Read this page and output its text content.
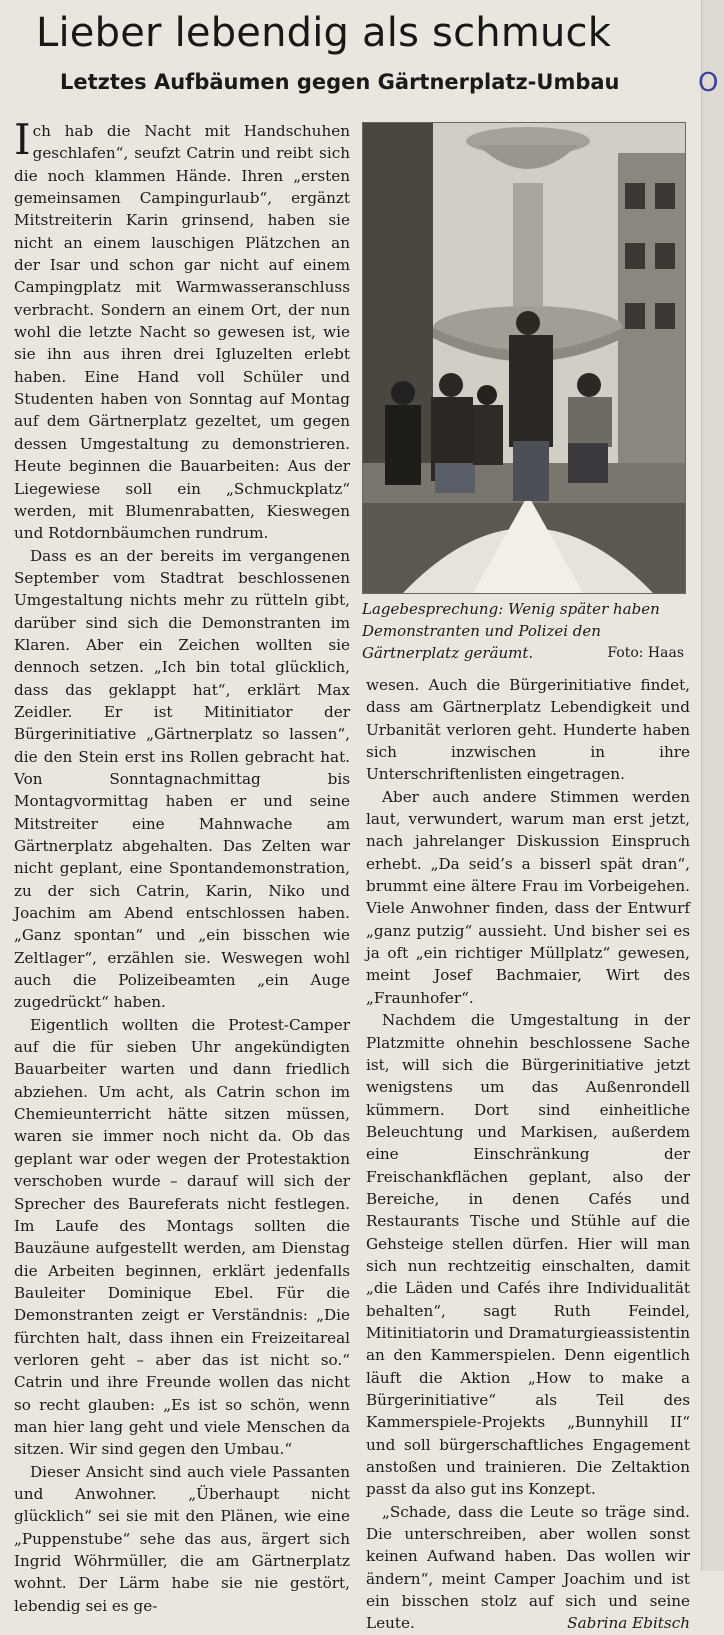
Lieber lebendig als schmuck
Letztes Aufbäumen gegen Gärtnerplatz-Umbau	O

Ich hab die Nacht mit Handschuhen geschlafen“, seufzt Catrin und reibt sich die noch klammen Hände. Ihren „ersten gemeinsamen Campingurlaub“, ergänzt Mitstreiterin Karin grinsend, haben sie nicht an einem lauschigen Plätzchen an der Isar und schon gar nicht auf einem Campingplatz mit Warmwasseranschluss verbracht. Sondern an einem Ort, der nun wohl die letzte Nacht so gewesen ist, wie sie ihn aus ihren drei Igluzelten erlebt haben. Eine Hand voll Schüler und Studenten haben von Sonntag auf Montag auf dem Gärtnerplatz gezeltet, um gegen dessen Umgestaltung zu demonstrieren. Heute beginnen die Bauarbeiten: Aus der Liegewiese soll ein „Schmuckplatz“ werden, mit Blumenrabatten, Kieswegen und Rotdornbäumchen rundrum.

Dass es an der bereits im vergangenen September vom Stadtrat beschlossenen Umgestaltung nichts mehr zu rütteln gibt, darüber sind sich die Demonstranten im Klaren. Aber ein Zeichen wollten sie dennoch setzen. „Ich bin total glücklich, dass das geklappt hat“, erklärt Max Zeidler. Er ist Mitinitiator der Bürgerinitiative „Gärtnerplatz so lassen“, die den Stein erst ins Rollen gebracht hat. Von Sonntagnachmittag bis Montagvormittag haben er und seine Mitstreiter eine Mahnwache am Gärtnerplatz abgehalten. Das Zelten war nicht geplant, eine Spontandemonstration, zu der sich Catrin, Karin, Niko und Joachim am Abend entschlossen haben. „Ganz spontan“ und „ein bisschen wie Zeltlager“, erzählen sie. Weswegen wohl auch die Polizeibeamten „ein Auge zugedrückt“ haben.

Eigentlich wollten die Protest-Camper auf die für sieben Uhr angekündigten Bauarbeiter warten und dann friedlich abziehen. Um acht, als Catrin schon im Chemieunterricht hätte sitzen müssen, waren sie immer noch nicht da. Ob das geplant war oder wegen der Protestaktion verschoben wurde – darauf will sich der Sprecher des Baureferats nicht festlegen. Im Laufe des Montags sollten die Bauzäune aufgestellt werden, am Dienstag die Arbeiten beginnen, erklärt jedenfalls Bauleiter Dominique Ebel. Für die Demonstranten zeigt er Verständnis: „Die fürchten halt, dass ihnen ein Freizeitareal verloren geht – aber das ist nicht so.“ Catrin und ihre Freunde wollen das nicht so recht glauben: „Es ist so schön, wenn man hier lang geht und viele Menschen da sitzen. Wir sind gegen den Umbau.“

Dieser Ansicht sind auch viele Passanten und Anwohner. „Überhaupt nicht glücklich“ sei sie mit den Plänen, wie eine „Puppenstube“ sehe das aus, ärgert sich Ingrid Wöhrmüller, die am Gärtnerplatz wohnt. Der Lärm habe sie nie gestört, lebendig sei es ge-

Lagebesprechung: Wenig später haben Demonstranten und Polizei den Gärtnerplatz geräumt.	Foto: Haas

wesen. Auch die Bürgerinitiative findet, dass am Gärtnerplatz Lebendigkeit und Urbanität verloren geht. Hunderte haben sich inzwischen in ihre Unterschriftenlisten eingetragen.

Aber auch andere Stimmen werden laut, verwundert, warum man erst jetzt, nach jahrelanger Diskussion Einspruch erhebt. „Da seid’s a bisserl spät dran“, brummt eine ältere Frau im Vorbeigehen. Viele Anwohner finden, dass der Entwurf „ganz putzig“ aussieht. Und bisher sei es ja oft „ein richtiger Müllplatz“ gewesen, meint Josef Bachmaier, Wirt des „Fraunhofer“.

Nachdem die Umgestaltung in der Platzmitte ohnehin beschlossene Sache ist, will sich die Bürgerinitiative jetzt wenigstens um das Außenrondell kümmern. Dort sind einheitliche Beleuchtung und Markisen, außerdem eine Einschränkung der Freischankflächen geplant, also der Bereiche, in denen Cafés und Restaurants Tische und Stühle auf die Gehsteige stellen dürfen. Hier will man sich nun rechtzeitig einschalten, damit „die Läden und Cafés ihre Individualität behalten“, sagt Ruth Feindel, Mitinitiatorin und Dramaturgieassistentin an den Kammerspielen. Denn eigentlich läuft die Aktion „How to make a Bürgerinitiative“ als Teil des Kammerspiele-Projekts „Bunnyhill II“ und soll bürgerschaftliches Engagement anstoßen und trainieren. Die Zeltaktion passt da also gut ins Konzept.

„Schade, dass die Leute so träge sind. Die unterschreiben, aber wollen sonst keinen Aufwand haben. Das wollen wir ändern“, meint Camper Joachim und ist ein bisschen stolz auf sich und seine Leute.	Sabrina Ebitsch
